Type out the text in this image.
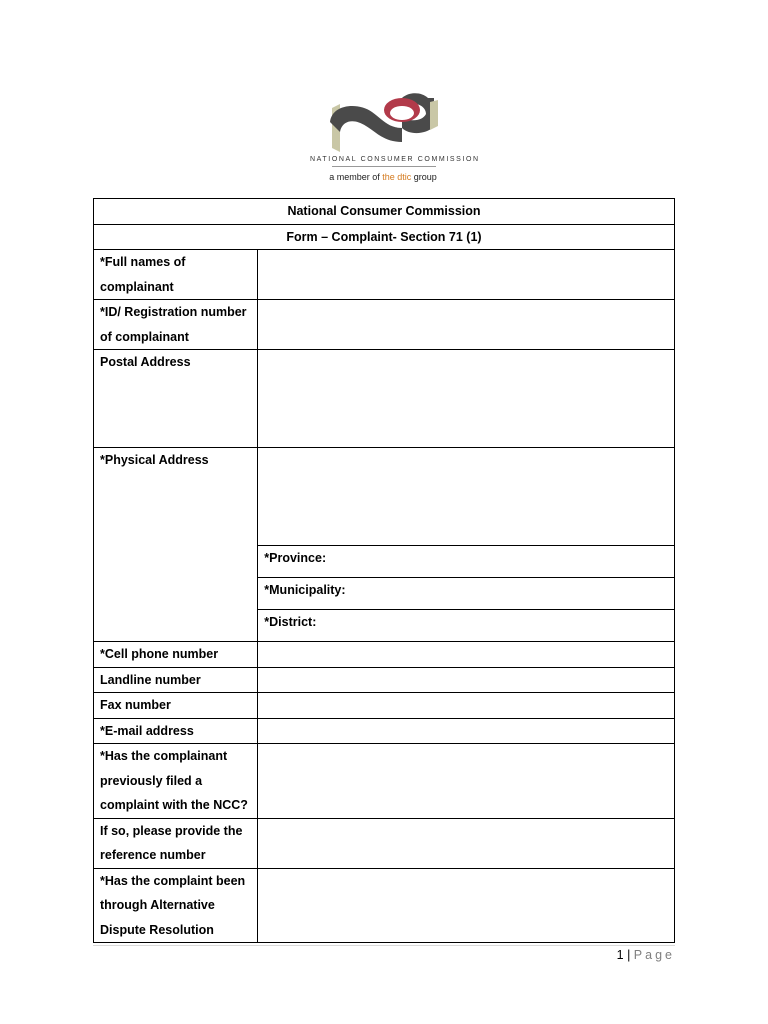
NATIONAL CONSUMER COMMISSION
a member of the dtic group
National Consumer Commission	
Form – Complaint- Section 71 (1)	
*Full names of complainant	
*ID/ Registration number of complainant	
Postal Address	
*Physical Address	
	*Province:
	*Municipality:
	*District:
*Cell phone number	
Landline number	
Fax number	
*E-mail address	
*Has the complainant previously filed a complaint with the NCC?	
If so, please provide the reference number	
*Has the complaint been through Alternative Dispute Resolution	
1 | Page
